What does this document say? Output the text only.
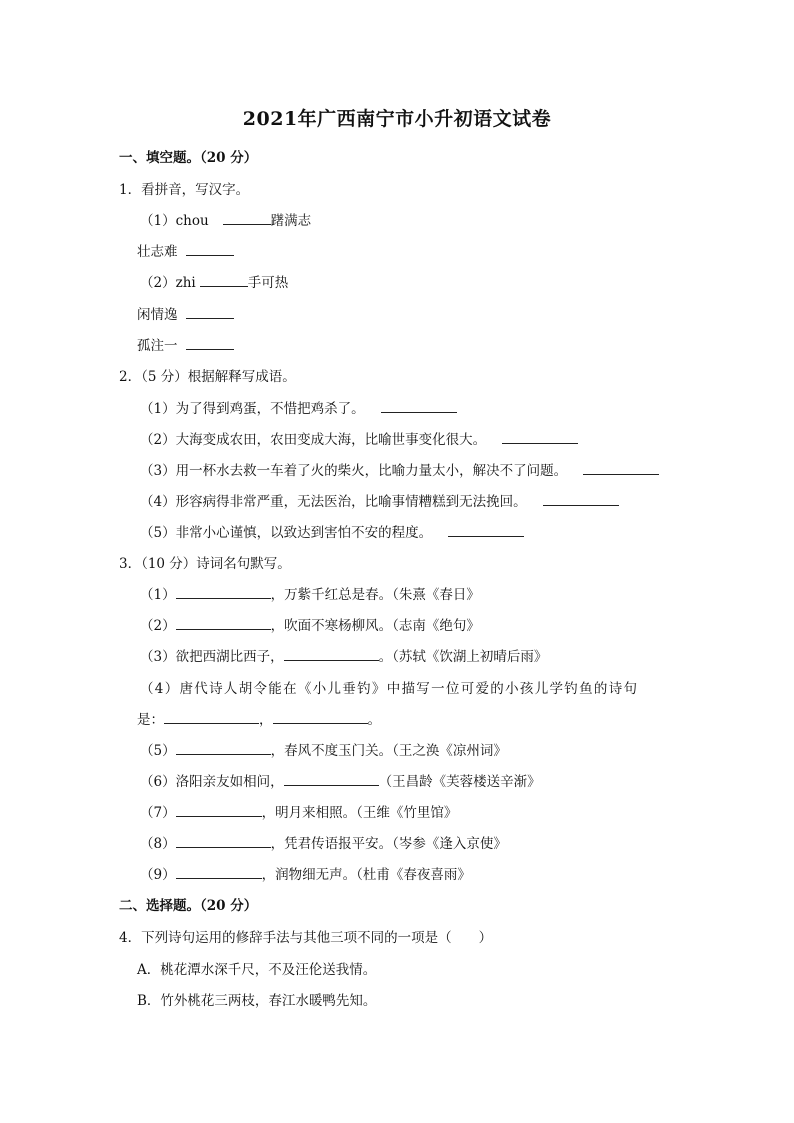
2021年广西南宁市小升初语文试卷
一、填空题。（20 分）
1．看拼音，写汉字。
（1）chou	躇满志
壮志难
（2）zhi	手可热
闲情逸
孤注一
2．（5 分）根据解释写成语。
（1）为了得到鸡蛋，不惜把鸡杀了。
（2）大海变成农田，农田变成大海，比喻世事变化很大。
（3）用一杯水去救一车着了火的柴火，比喻力量太小，解决不了问题。
（4）形容病得非常严重，无法医治，比喻事情糟糕到无法挽回。
（5）非常小心谨慎，以致达到害怕不安的程度。
3．（10 分）诗词名句默写。
（1）	，万紫千红总是春。（朱熹《春日》
（2）	，吹面不寒杨柳风。（志南《绝句》
（3）欲把西湖比西子，	。（苏轼《饮湖上初晴后雨》
（4）唐代诗人胡令能在《小儿垂钓》中描写一位可爱的小孩儿学钓鱼的诗句
是：	，	。
（5）	，春风不度玉门关。（王之涣《凉州词》
（6）洛阳亲友如相问，	（王昌龄《芙蓉楼送辛渐》
（7）	，明月来相照。（王维《竹里馆》
（8）	，凭君传语报平安。（岑参《逢入京使》
（9）	，润物细无声。（杜甫《春夜喜雨》
二、选择题。（20 分）
4．下列诗句运用的修辞手法与其他三项不同的一项是（　　）
A．桃花潭水深千尺，不及汪伦送我情。
B．竹外桃花三两枝，春江水暖鸭先知。
